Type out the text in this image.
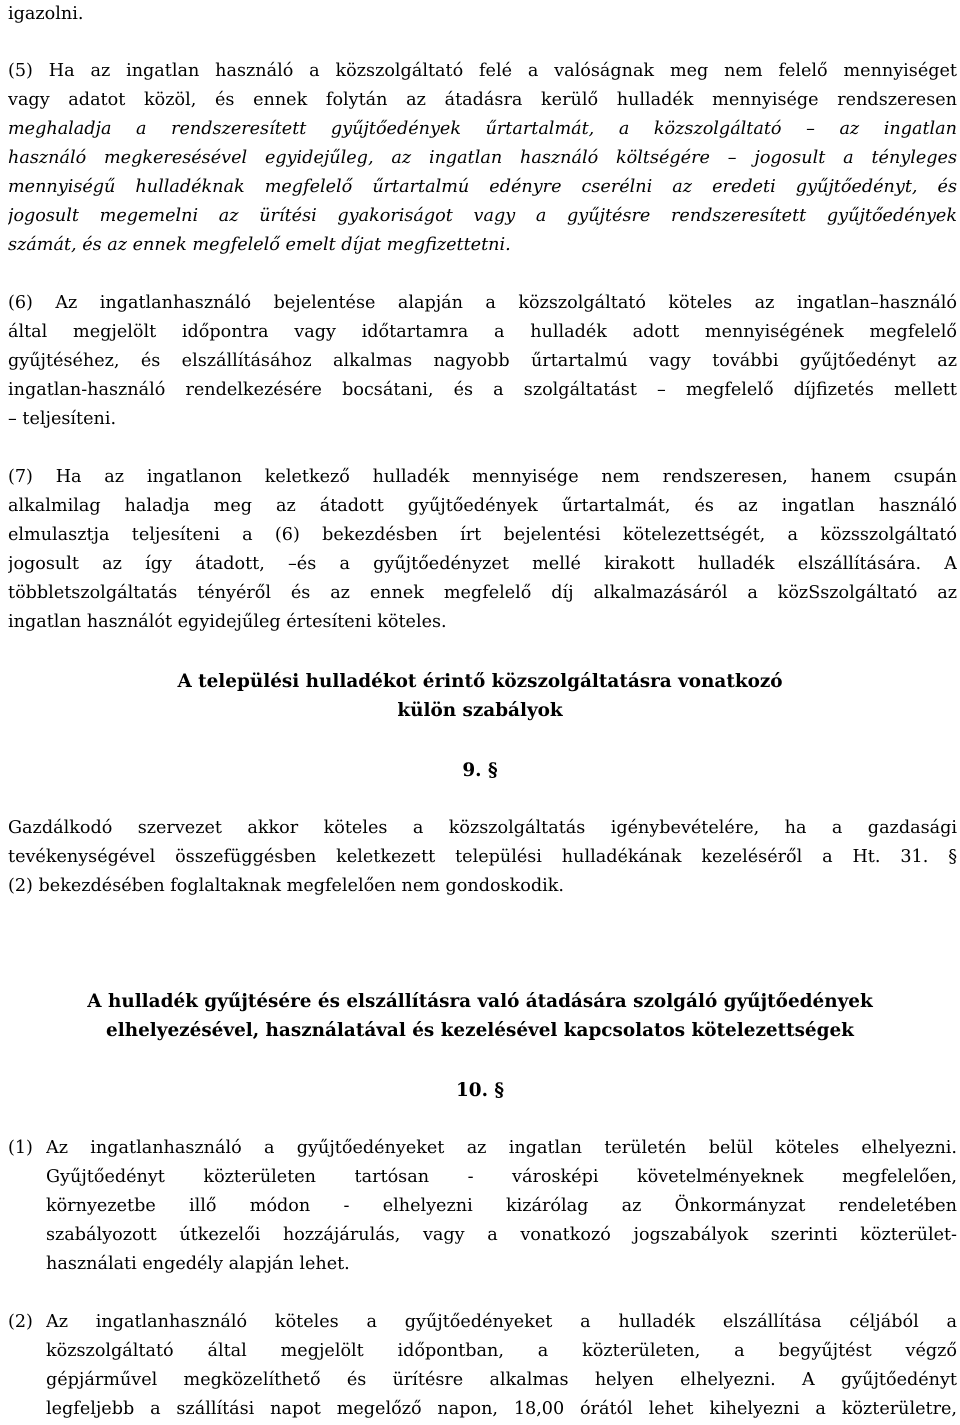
igazolni.
(5) Ha az ingatlan használó a közszolgáltató felé a valóságnak meg nem felelő mennyiséget
vagy adatot közöl, és ennek folytán az átadásra kerülő hulladék mennyisége rendszeresen
meghaladja a rendszeresített gyűjtőedények űrtartalmát, a közszolgáltató – az ingatlan
használó megkeresésével egyidejűleg, az ingatlan használó költségére – jogosult a tényleges
mennyiségű hulladéknak megfelelő űrtartalmú edényre cserélni az eredeti gyűjtőedényt, és
jogosult megemelni az ürítési gyakoriságot vagy a gyűjtésre rendszeresített gyűjtőedények
számát, és az ennek megfelelő emelt díjat megfizettetni.
(6) Az ingatlanhasználó bejelentése alapján a közszolgáltató köteles az ingatlan–használó
által megjelölt időpontra vagy időtartamra a hulladék adott mennyiségének megfelelő
gyűjtéséhez, és elszállításához alkalmas nagyobb űrtartalmú vagy további gyűjtőedényt az
ingatlan-használó rendelkezésére bocsátani, és a szolgáltatást – megfelelő díjfizetés mellett
– teljesíteni.
(7) Ha az ingatlanon keletkező hulladék mennyisége nem rendszeresen, hanem csupán
alkalmilag haladja meg az átadott gyűjtőedények űrtartalmát, és az ingatlan használó
elmulasztja teljesíteni a (6) bekezdésben írt bejelentési kötelezettségét, a közsszolgáltató
jogosult az így átadott, –és a gyűjtőedényzet mellé kirakott hulladék elszállítására. A
többletszolgáltatás tényéről és az ennek megfelelő díj alkalmazásáról a közSszolgáltató az
ingatlan használót egyidejűleg értesíteni köteles.
A települési hulladékot érintő közszolgáltatásra vonatkozó
külön szabályok
9. §
Gazdálkodó szervezet akkor köteles a közszolgáltatás igénybevételére, ha a gazdasági
tevékenységével összefüggésben keletkezett települési hulladékának kezeléséről a Ht. 31. §
(2) bekezdésében foglaltaknak megfelelően nem gondoskodik.
A hulladék gyűjtésére és elszállításra való átadására szolgáló gyűjtőedények
elhelyezésével, használatával és kezelésével kapcsolatos kötelezettségek
10. §
(1) Az ingatlanhasználó a gyűjtőedényeket az ingatlan területén belül köteles elhelyezni.
Gyűjtőedényt közterületen tartósan - városképi követelményeknek megfelelően,
környezetbe illő módon - elhelyezni kizárólag az Önkormányzat rendeletében
szabályozott útkezelői hozzájárulás, vagy a vonatkozó jogszabályok szerinti közterület-
használati engedély alapján lehet.
(2) Az ingatlanhasználó köteles a gyűjtőedényeket a hulladék elszállítása céljából a
közszolgáltató által megjelölt időpontban, a közterületen, a begyűjtést végző
gépjárművel megközelíthető és ürítésre alkalmas helyen elhelyezni. A gyűjtőedényt
legfeljebb a szállítási napot megelőző napon, 18,00 órától lehet kihelyezni a közterületre,
